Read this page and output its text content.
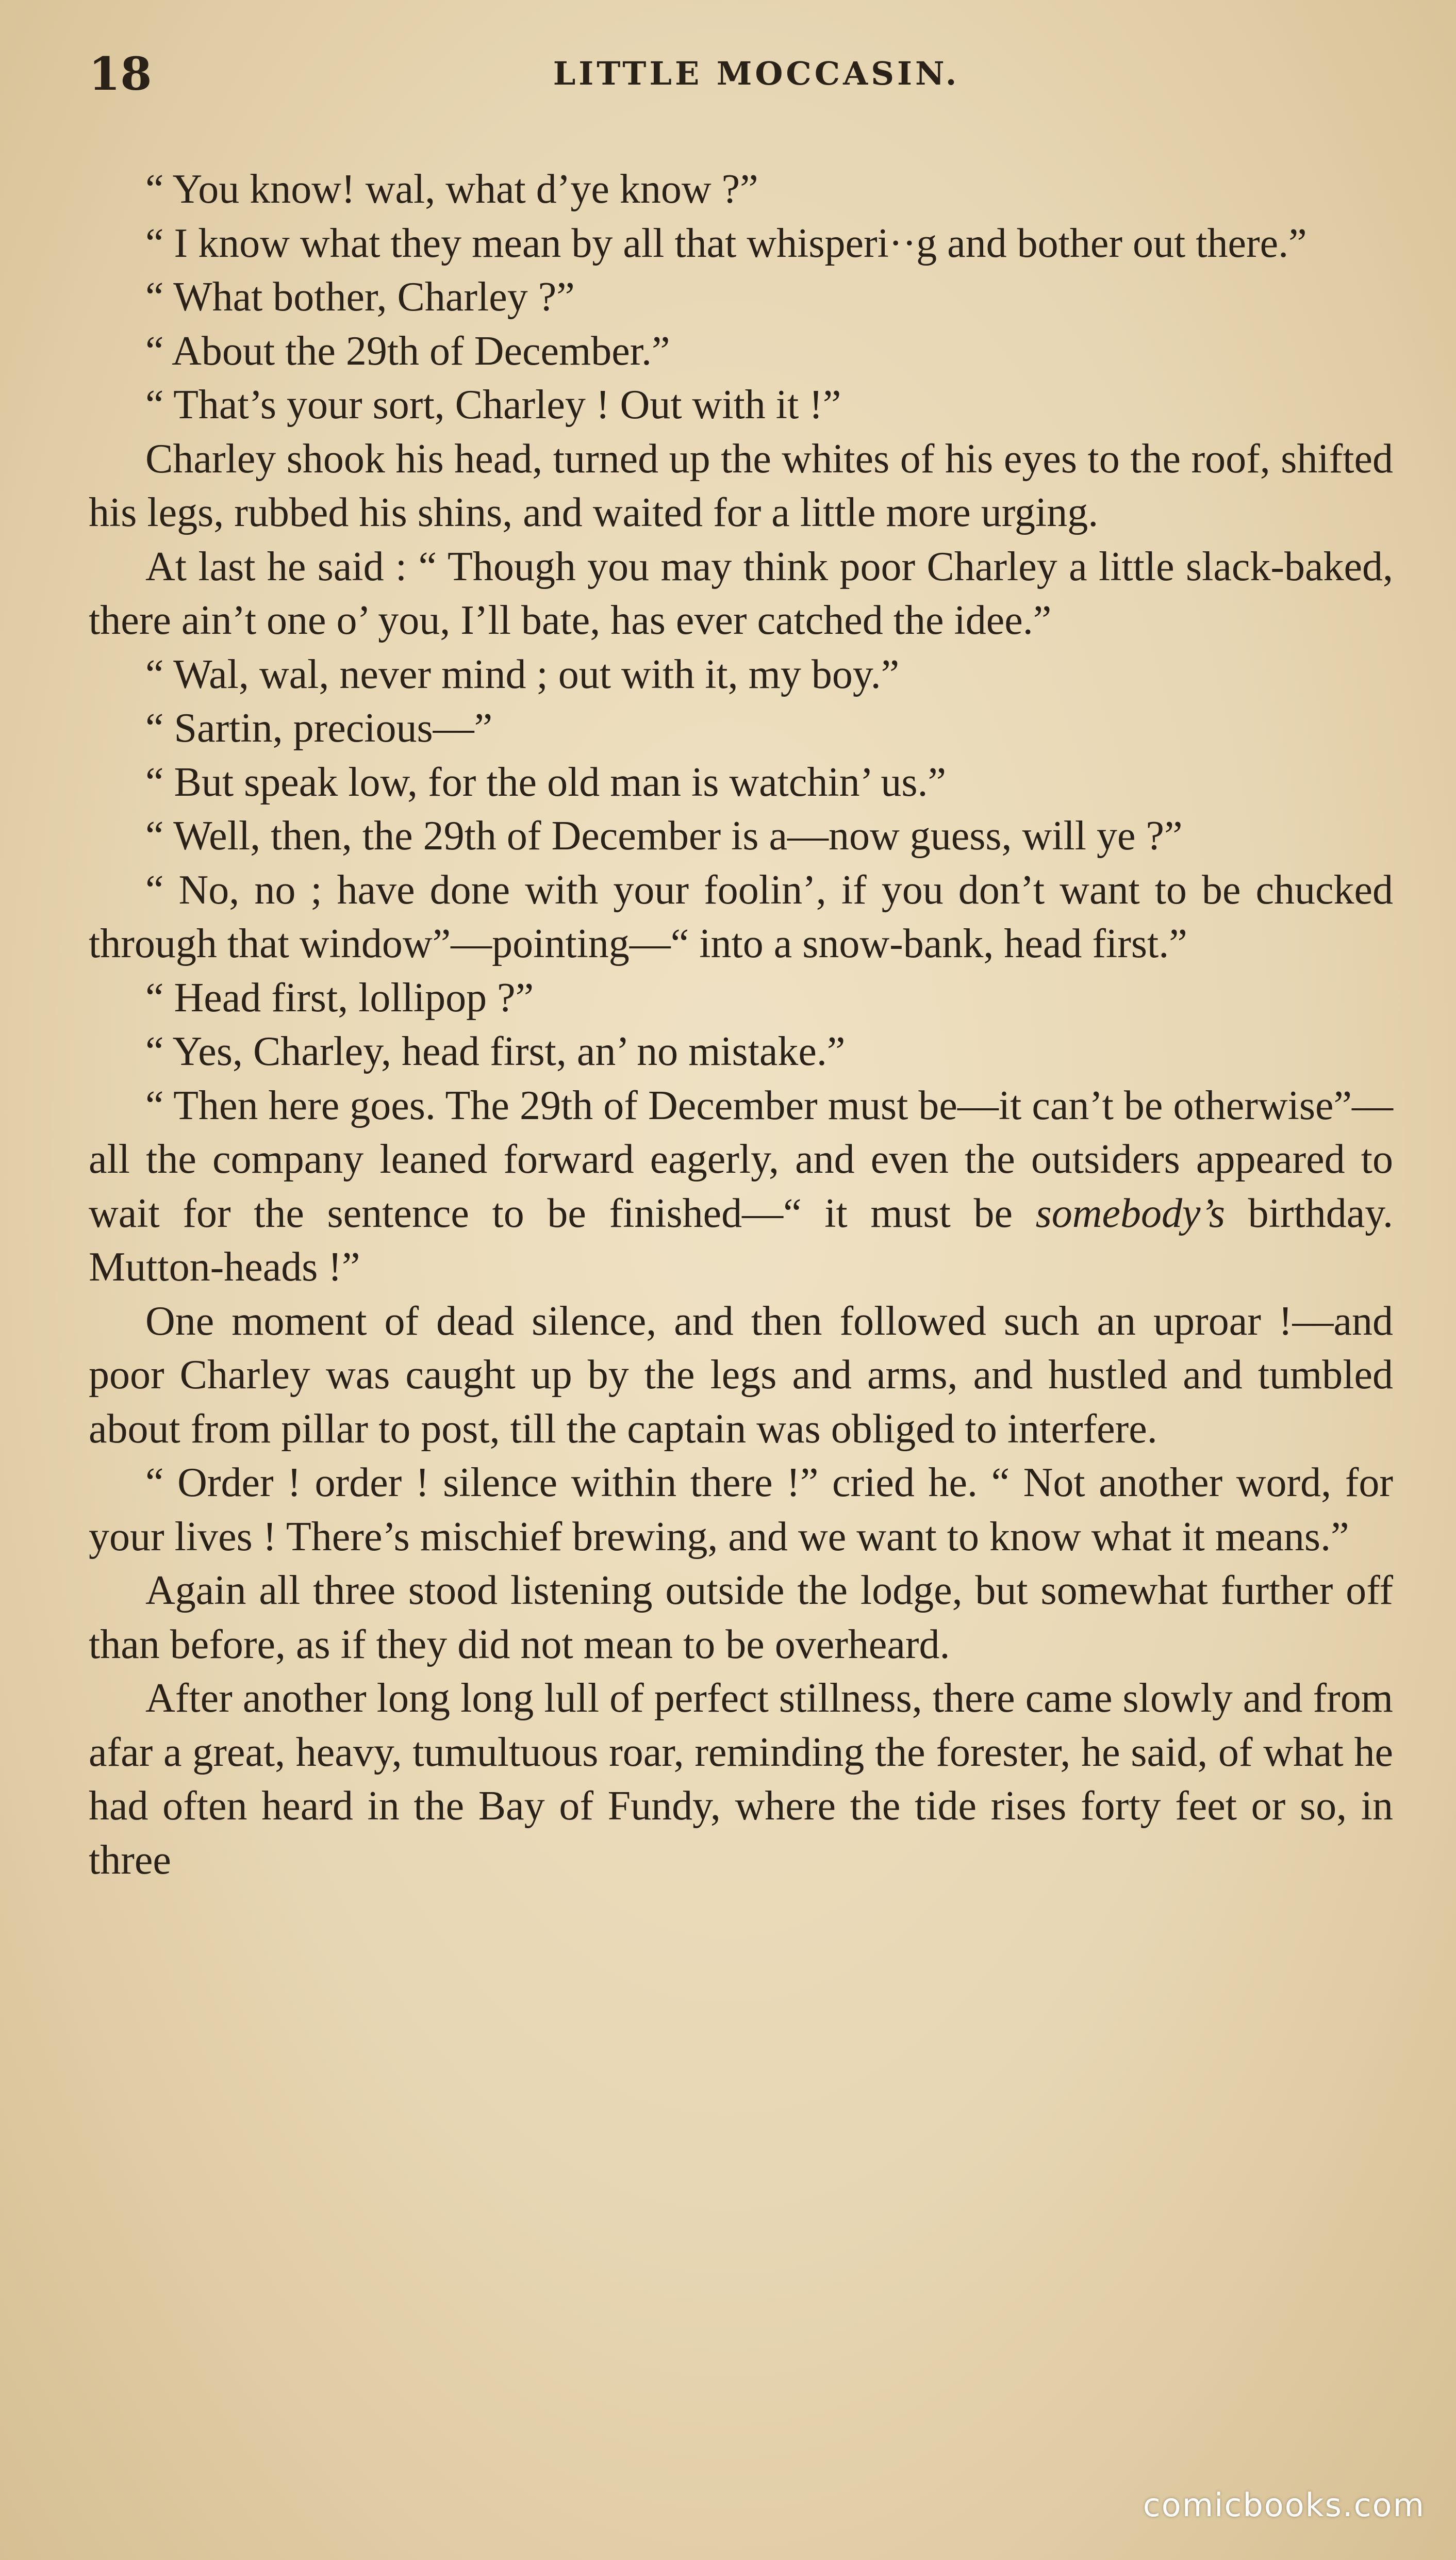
18	LITTLE MOCCASIN.

“ You know! wal, what d’ye know ?”

“ I know what they mean by all that whisperi··g and bother out there.”

“ What bother, Charley ?”

“ About the 29th of December.”

“ That’s your sort, Charley ! Out with it !”

Charley shook his head, turned up the whites of his eyes to the roof, shifted his legs, rubbed his shins, and waited for a little more urging.

At last he said : “ Though you may think poor Charley a little slack-baked, there ain’t one o’ you, I’ll bate, has ever catched the idee.”

“ Wal, wal, never mind ; out with it, my boy.”

“ Sartin, precious—”

“ But speak low, for the old man is watchin’ us.”

“ Well, then, the 29th of December is a—now guess, will ye ?”

“ No, no ; have done with your foolin’, if you don’t want to be chucked through that window”—pointing—“ into a snow-bank, head first.”

“ Head first, lollipop ?”

“ Yes, Charley, head first, an’ no mistake.”

“ Then here goes. The 29th of December must be—it can’t be otherwise”—all the company leaned forward eagerly, and even the outsiders appeared to wait for the sentence to be finished—“ it must be somebody’s birthday. Mutton-heads !”

One moment of dead silence, and then followed such an uproar !—and poor Charley was caught up by the legs and arms, and hustled and tumbled about from pillar to post, till the captain was obliged to interfere.

“ Order ! order ! silence within there !” cried he. “ Not another word, for your lives ! There’s mischief brewing, and we want to know what it means.”

Again all three stood listening outside the lodge, but somewhat further off than before, as if they did not mean to be overheard.

After another long long lull of perfect stillness, there came slowly and from afar a great, heavy, tumultuous roar, reminding the forester, he said, of what he had often heard in the Bay of Fundy, where the tide rises forty feet or so, in three

comicbooks.com
